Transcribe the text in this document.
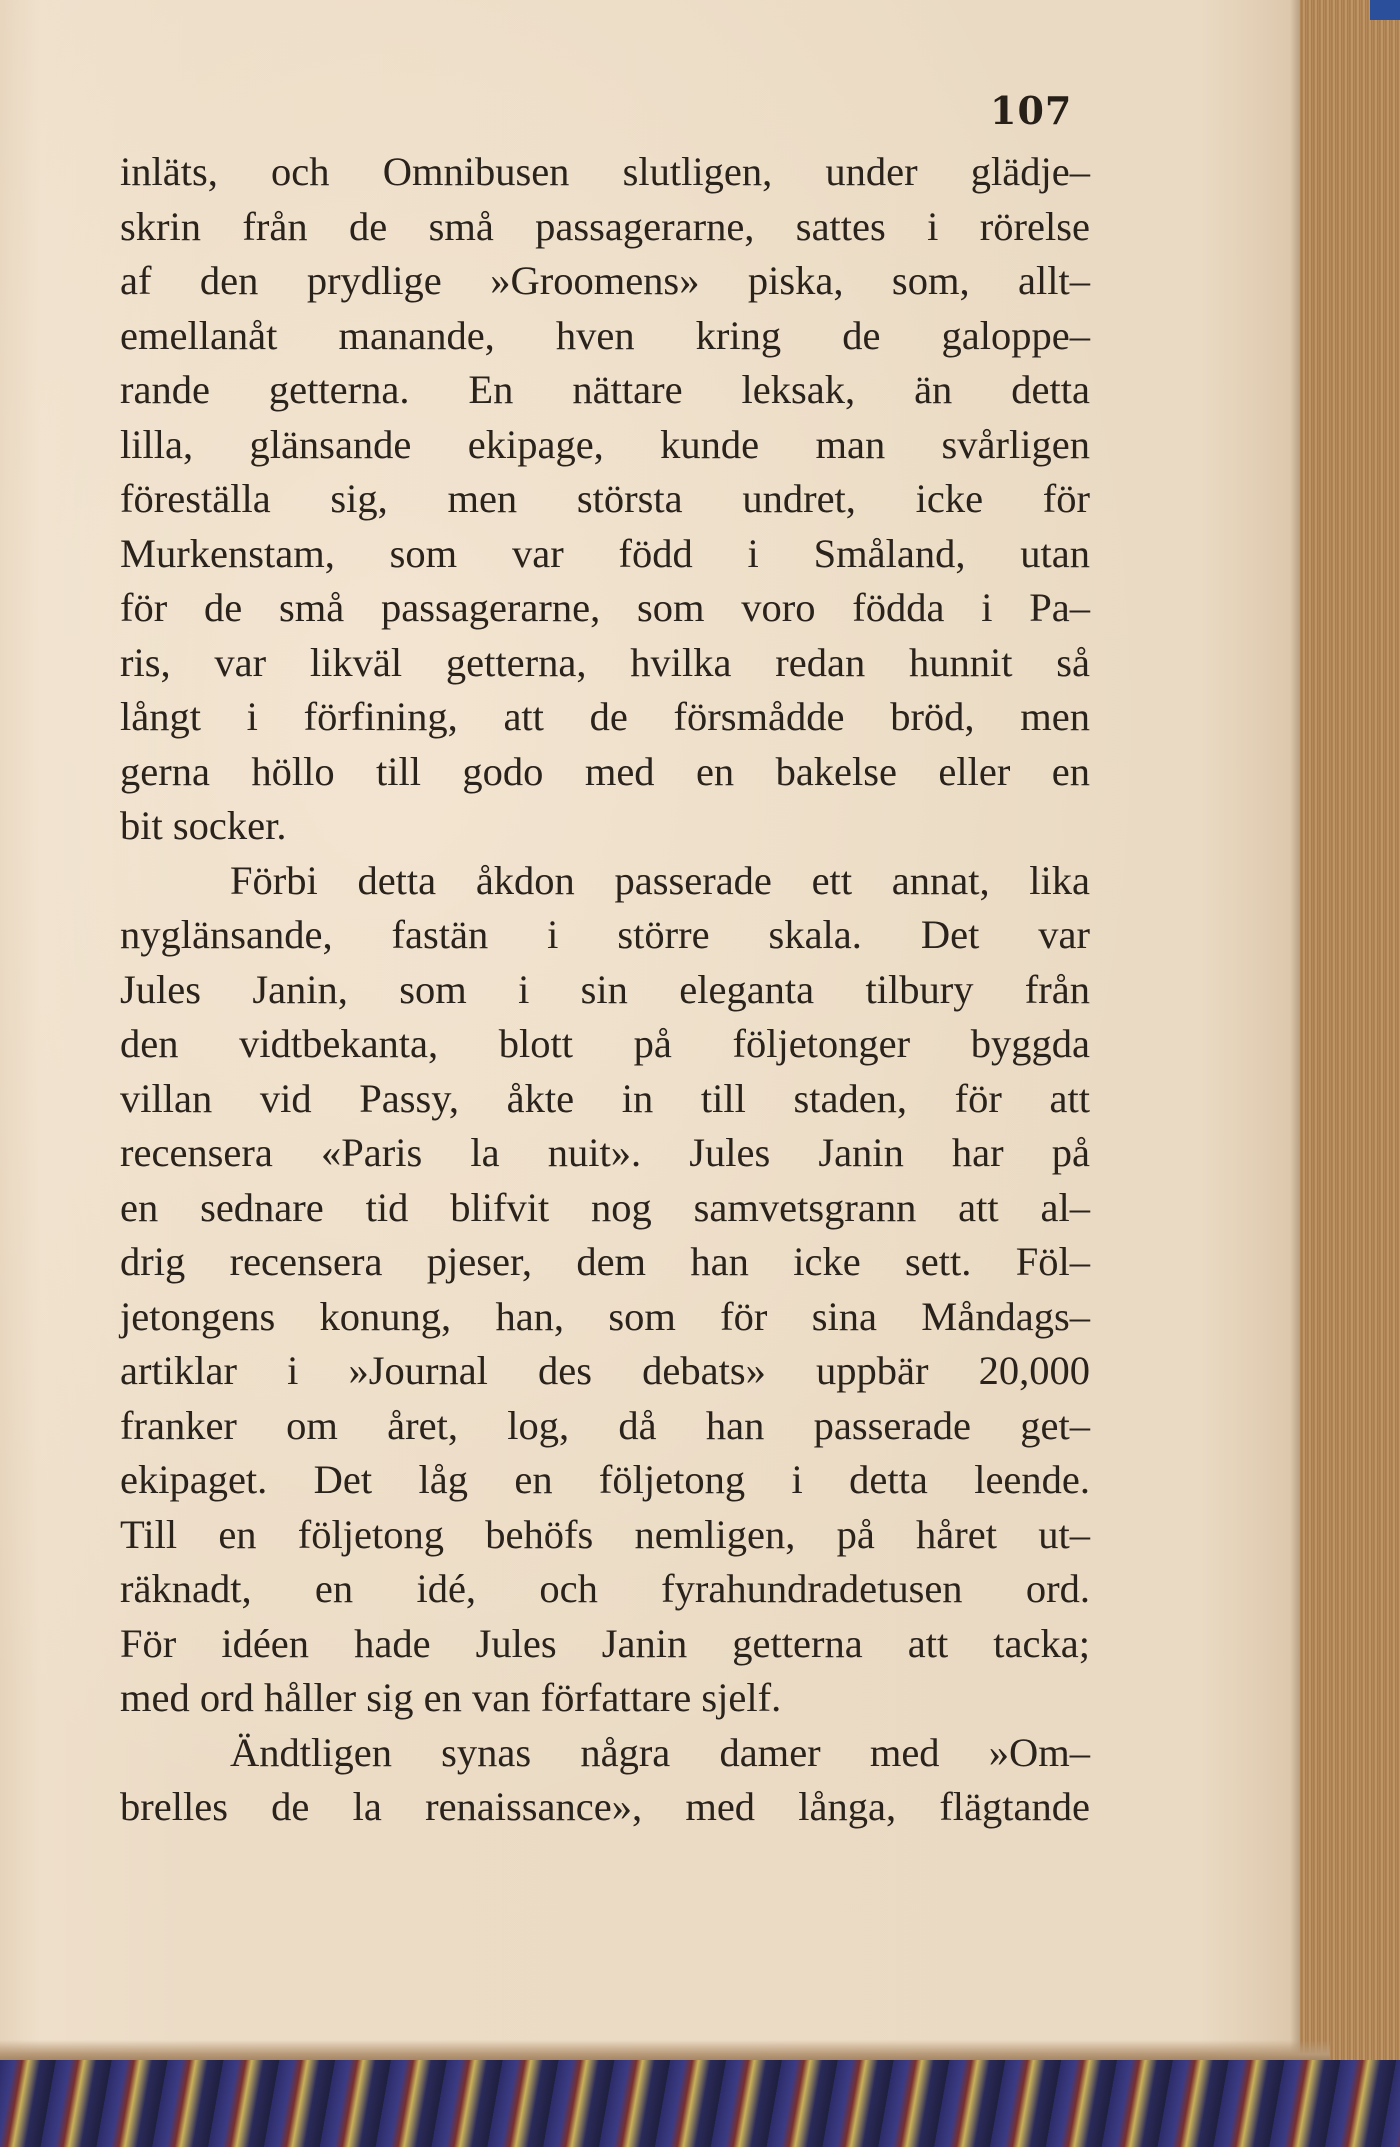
107
inläts, och Omnibusen slutligen, under glädje–
skrin från de små passagerarne, sattes i rörelse
af den prydlige »Groomens» piska, som, allt–
emellanåt manande, hven kring de galoppe–
rande getterna. En nättare leksak, än detta
lilla, glänsande ekipage, kunde man svårligen
föreställa sig, men största undret, icke för
Murkenstam, som var född i Småland, utan
för de små passagerarne, som voro födda i Pa–
ris, var likväl getterna, hvilka redan hunnit så
långt i förfining, att de försmådde bröd, men
gerna höllo till godo med en bakelse eller en
bit socker.
Förbi detta åkdon passerade ett annat, lika
nyglänsande, fastän i större skala. Det var
Jules Janin, som i sin eleganta tilbury från
den vidtbekanta, blott på följetonger byggda
villan vid Passy, åkte in till staden, för att
recensera «Paris la nuit». Jules Janin har på
en sednare tid blifvit nog samvetsgrann att al–
drig recensera pjeser, dem han icke sett. Föl–
jetongens konung, han, som för sina Måndags–
artiklar i »Journal des debats» uppbär 20,000
franker om året, log, då han passerade get–
ekipaget. Det låg en följetong i detta leende.
Till en följetong behöfs nemligen, på håret ut–
räknadt, en idé, och fyrahundradetusen ord.
För idéen hade Jules Janin getterna att tacka;
med ord håller sig en van författare sjelf.
Ändtligen synas några damer med »Om–
brelles de la renaissance», med långa, flägtande
